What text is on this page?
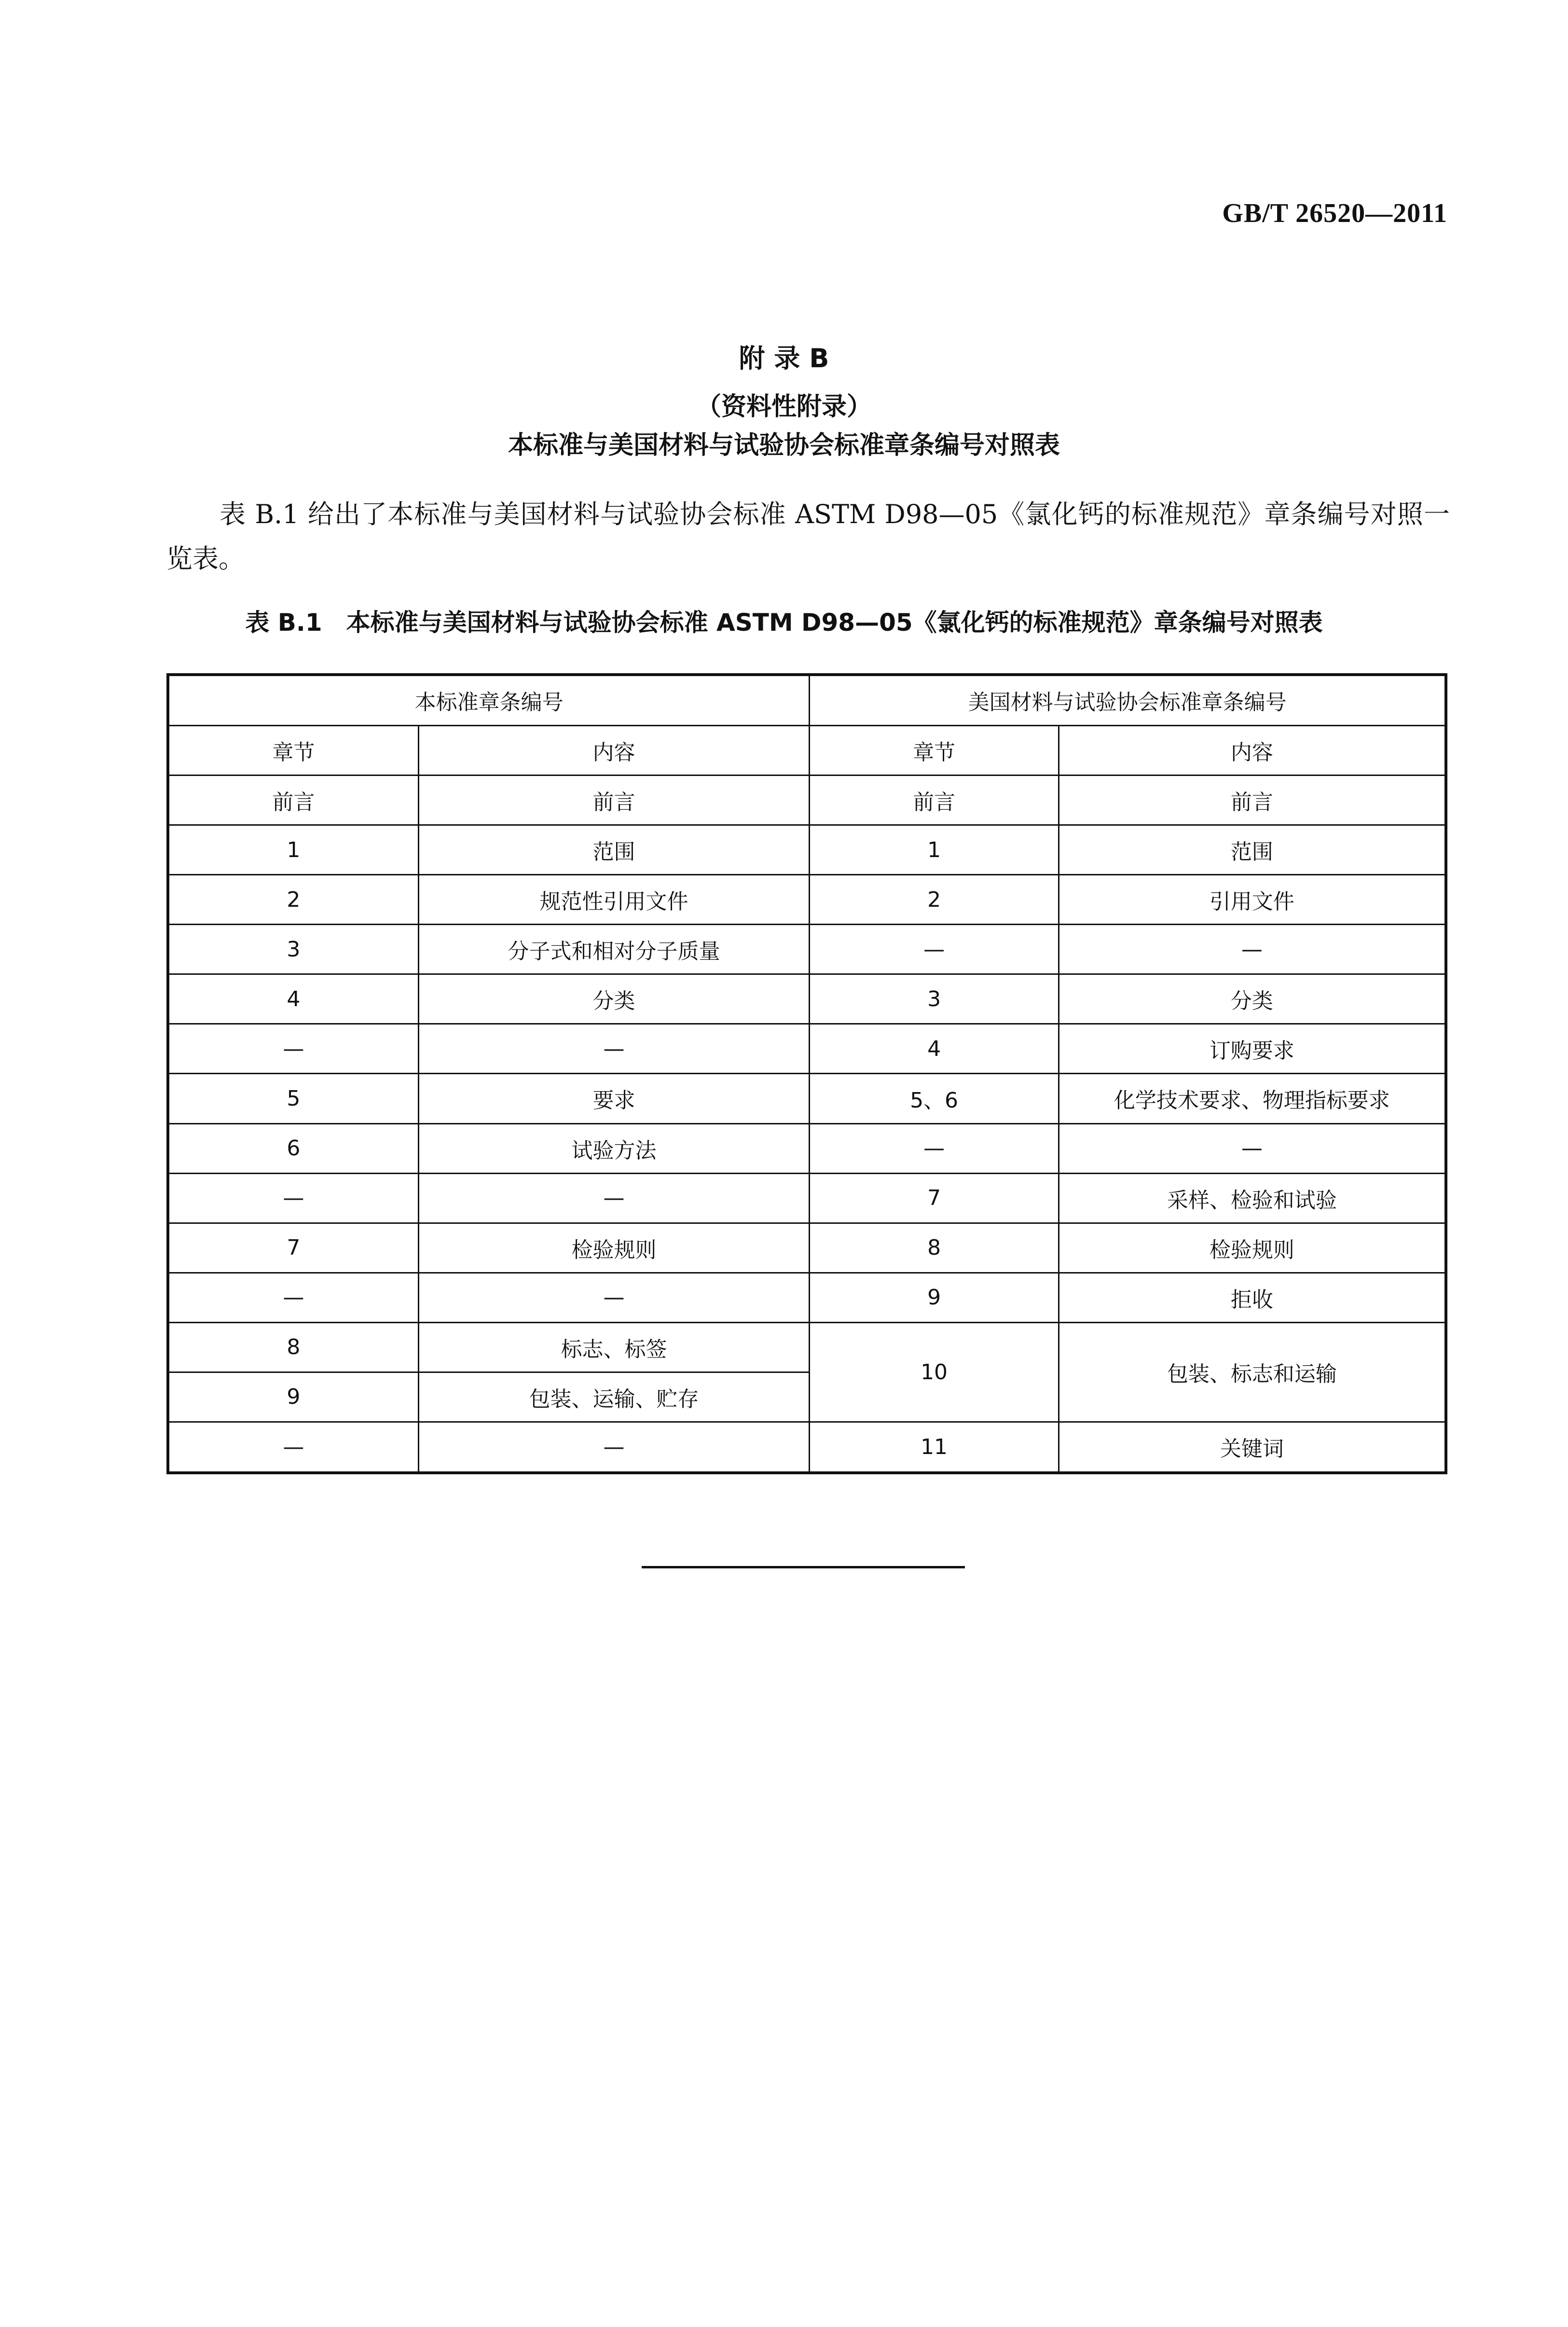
GB/T 26520—2011
附 录 B
（资料性附录）
本标准与美国材料与试验协会标准章条编号对照表

表 B.1 给出了本标准与美国材料与试验协会标准 ASTM D98—05《氯化钙的标准规范》章条编号对照一览表。

表 B.1　本标准与美国材料与试验协会标准 ASTM D98—05《氯化钙的标准规范》章条编号对照表
本标准章条编号		美国材料与试验协会标准章条编号	
章节	内容	章节	内容
前言	前言	前言	前言
1	范围	1	范围
2	规范性引用文件	2	引用文件
3	分子式和相对分子质量	—	—
4	分类	3	分类
—	—	4	订购要求
5	要求	5、6	化学技术要求、物理指标要求
6	试验方法	—	—
—	—	7	采样、检验和试验
7	检验规则	8	检验规则
—	—	9	拒收
8	标志、标签	10	包装、标志和运输
9	包装、运输、贮存		
—	—	11	关键词
